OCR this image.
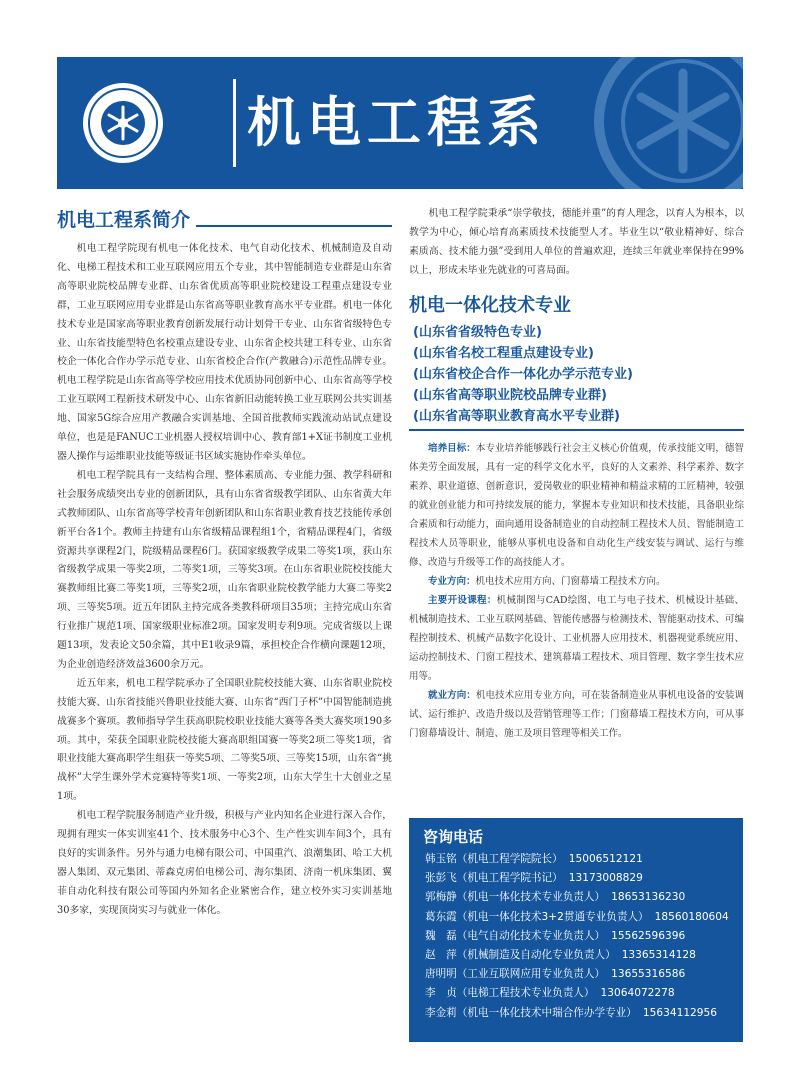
机电工程系
机电工程系简介

机电工程学院现有机电一体化技术、电气自动化技术、机械制造及自动化、电梯工程技术和工业互联网应用五个专业，其中智能制造专业群是山东省高等职业院校品牌专业群、山东省优质高等职业院校建设工程重点建设专业群，工业互联网应用专业群是山东省高等职业教育高水平专业群。机电一体化技术专业是国家高等职业教育创新发展行动计划骨干专业、山东省省级特色专业、山东省技能型特色名校重点建设专业、山东省企校共建工科专业、山东省校企一体化合作办学示范专业、山东省校企合作(产教融合)示范性品牌专业。机电工程学院是山东省高等学校应用技术优质协同创新中心、山东省高等学校工业互联网工程新技术研发中心、山东省新旧动能转换工业互联网公共实训基地、国家5G综合应用产教融合实训基地、全国首批教师实践流动站试点建设单位，也是是FANUC工业机器人授权培训中心、教育部1+X证书制度工业机器人操作与运维职业技能等级证书区域实施协作牵头单位。

机电工程学院具有一支结构合理、整体素质高、专业能力强、教学科研和社会服务成绩突出专业的创新团队，具有山东省省级教学团队、山东省黄大年式教师团队、山东省高等学校青年创新团队和山东省职业教育技艺技能传承创新平台各1个。教师主持建有山东省级精品课程组1个，省精品课程4门，省级资源共享课程2门，院级精品课程6门。获国家级教学成果二等奖1项，获山东省级教学成果一等奖2项，二等奖1项，三等奖3项。在山东省职业院校技能大赛教师组比赛二等奖1项，三等奖2项，山东省职业院校教学能力大赛二等奖2项、三等奖5项。近五年团队主持完成各类教科研项目35项；主持完成山东省行业推广规范1项、国家级职业标准2项。国家发明专利9项。完成省级以上课题13项，发表论文50余篇，其中E1收录9篇，承担校企合作横向课题12项，为企业创造经济效益3600余万元。

近五年来，机电工程学院承办了全国职业院校技能大赛、山东省职业院校技能大赛、山东省技能兴鲁职业技能大赛、山东省“西门子杯”中国智能制造挑战赛多个赛项。教师指导学生获高职院校职业技能大赛等各类大赛奖项190多项。其中，荣获全国职业院校技能大赛高职组国赛一等奖2项二等奖1项，省职业技能大赛高职学生组获一等奖5项、二等奖5项、三等奖15项，山东省“挑战杯”大学生课外学术竞赛特等奖1项、一等奖2项，山东大学生十大创业之星1项。

机电工程学院服务制造产业升级，积极与产业内知名企业进行深入合作，现拥有理实一体实训室41个、技术服务中心3个、生产性实训车间3个，具有良好的实训条件。另外与通力电梯有限公司、中国重汽、浪潮集团、哈工大机器人集团、双元集团、蒂森克虏伯电梯公司、海尔集团、济南一机床集团、翼菲自动化科技有限公司等国内外知名企业紧密合作，建立校外实习实训基地30多家，实现顶岗实习与就业一体化。

机电工程学院秉承“崇学敬技，德能并重”的育人理念，以育人为根本，以教学为中心，倾心培育高素质技术技能型人才。毕业生以“敬业精神好、综合素质高、技术能力强”受到用人单位的普遍欢迎，连续三年就业率保持在99%以上，形成未毕业先就业的可喜局面。

机电一体化技术专业
(山东省省级特色专业)
(山东省名校工程重点建设专业)
(山东省校企合作一体化办学示范专业)
(山东省高等职业院校品牌专业群)
(山东省高等职业教育高水平专业群)

培养目标：本专业培养能够践行社会主义核心价值观，传承技能文明，德智体美劳全面发展，具有一定的科学文化水平，良好的人文素养、科学素养、数字素养、职业道德、创新意识，爱岗敬业的职业精神和精益求精的工匠精神，较强的就业创业能力和可持续发展的能力，掌握本专业知识和技术技能，具备职业综合素质和行动能力，面向通用设备制造业的自动控制工程技术人员、智能制造工程技术人员等职业，能够从事机电设备和自动化生产线安装与调试、运行与维修、改造与升级等工作的高技能人才。

专业方向：机电技术应用方向、门窗幕墙工程技术方向。

主要开设课程：机械制图与CAD绘图、电工与电子技术、机械设计基础、机械制造技术、工业互联网基础、智能传感器与检测技术、智能驱动技术、可编程控制技术、机械产品数字化设计、工业机器人应用技术、机器视觉系统应用、运动控制技术、门窗工程技术、建筑幕墙工程技术、项目管理、数字孪生技术应用等。

就业方向：机电技术应用专业方向，可在装备制造业从事机电设备的安装调试、运行维护、改造升级以及营销管理等工作；门窗幕墙工程技术方向，可从事门窗幕墙设计、制造、施工及项目管理等相关工作。

咨询电话
韩玉铭（机电工程学院院长） 15006512121
张彭飞（机电工程学院书记） 13173008829
郭梅静（机电一体化技术专业负责人） 18653136230
葛东霞（机电一体化技术3+2贯通专业负责人） 18560180604
魏　磊（电气自动化技术专业负责人） 15562596396
赵　萍（机械制造及自动化专业负责人） 13365314128
唐明明（工业互联网应用专业负责人） 13655316586
李　贞（电梯工程技术专业负责人） 13064072278
李金莉（机电一体化技术中瑞合作办学专业） 15634112956
